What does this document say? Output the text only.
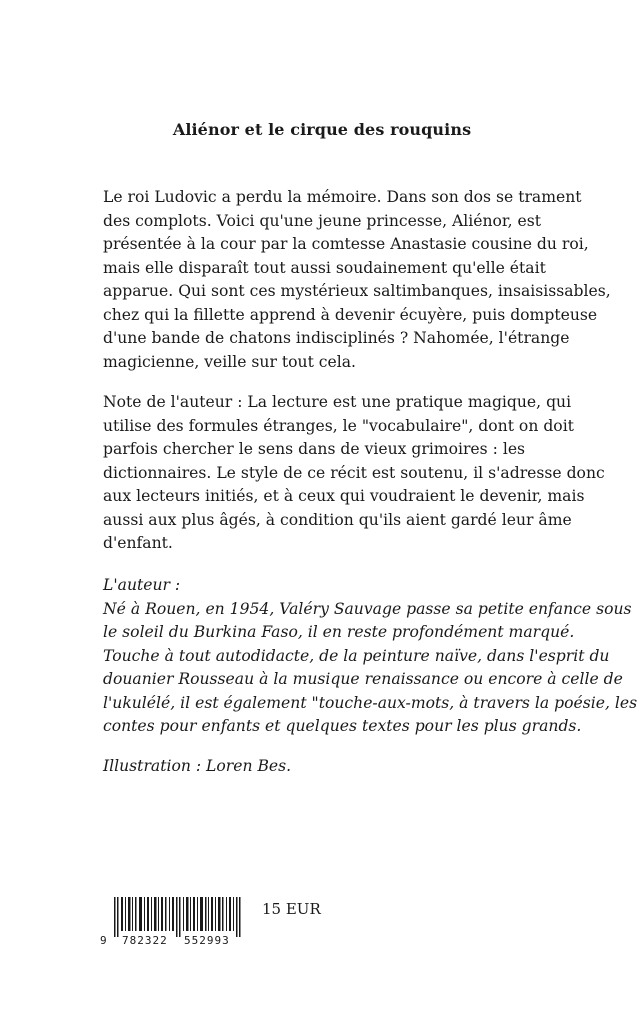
Aliénor et le cirque des rouquins
Le roi Ludovic a perdu la mémoire. Dans son dos se trament
des complots. Voici qu'une jeune princesse, Aliénor, est
présentée à la cour par la comtesse Anastasie cousine du roi,
mais elle disparaît tout aussi soudainement qu'elle était
apparue. Qui sont ces mystérieux saltimbanques, insaisissables,
chez qui la fillette apprend à devenir écuyère, puis dompteuse
d'une bande de chatons indisciplinés ? Nahomée, l'étrange
magicienne, veille sur tout cela.
Note de l'auteur : La lecture est une pratique magique, qui
utilise des formules étranges, le "vocabulaire", dont on doit
parfois chercher le sens dans de vieux grimoires : les
dictionnaires. Le style de ce récit est soutenu, il s'adresse donc
aux lecteurs initiés, et à ceux qui voudraient le devenir, mais
aussi aux plus âgés, à condition qu'ils aient gardé leur âme
d'enfant.
L'auteur :
Né à Rouen, en 1954, Valéry Sauvage passe sa petite enfance sous
le soleil du Burkina Faso, il en reste profondément marqué.
Touche à tout autodidacte, de la peinture naïve, dans l'esprit du
douanier Rousseau à la musique renaissance ou encore à celle de
l'ukulélé, il est également "touche-aux-mots, à travers la poésie, les
contes pour enfants et quelques textes pour les plus grands.
Illustration : Loren Bes.
9 782322 552993
15 EUR
